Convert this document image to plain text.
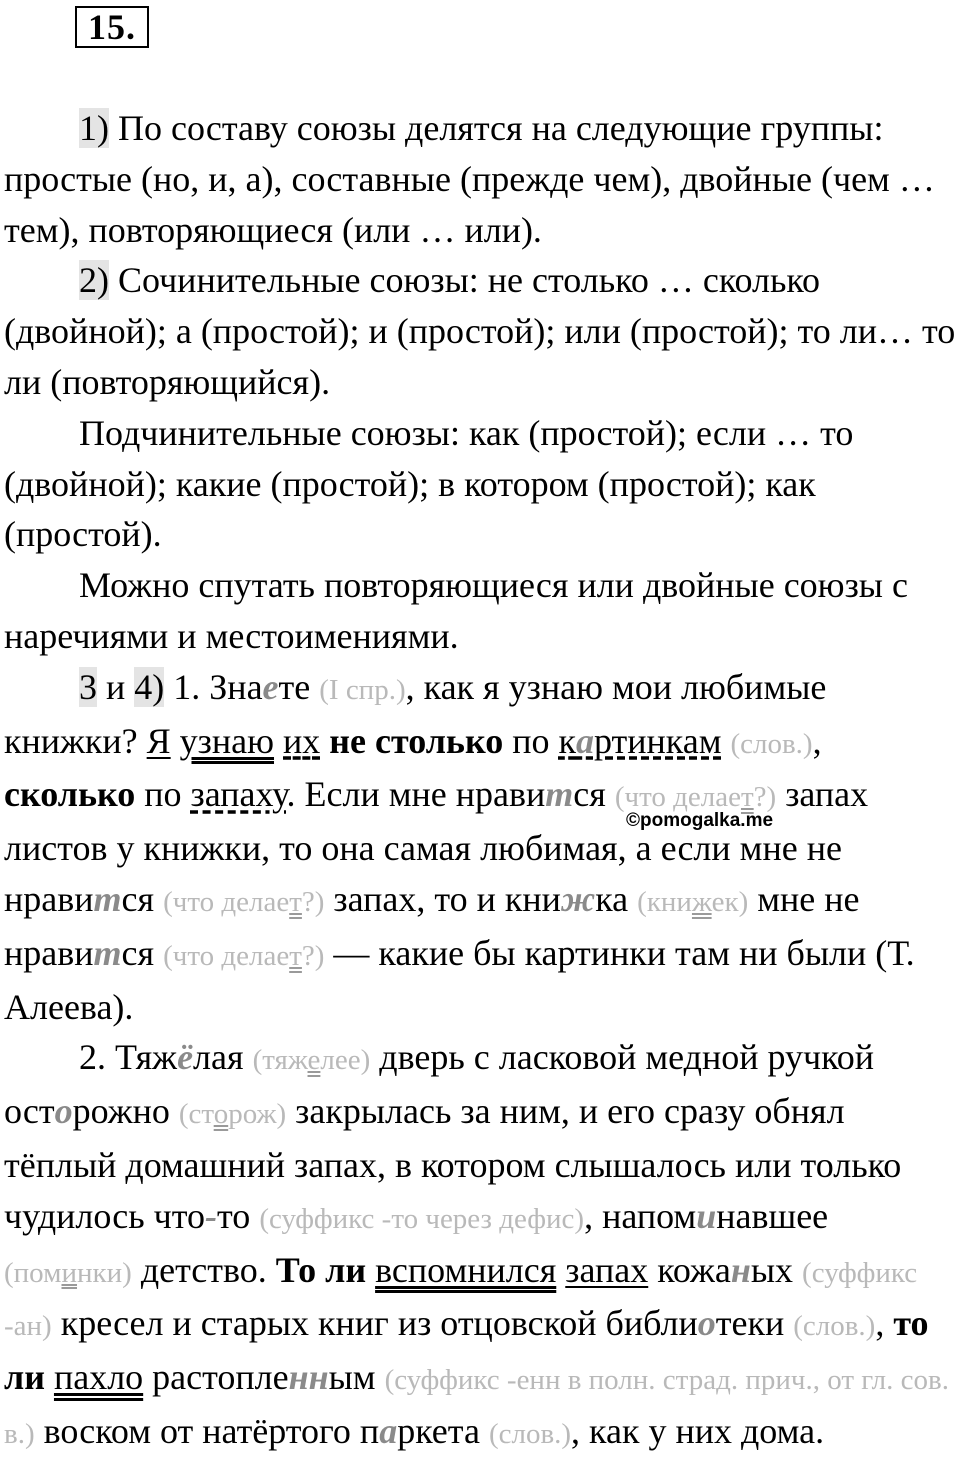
15.

1) По составу союзы делятся на следующие группы: простые (но, и, а), составные (прежде чем), двойные (чем … тем), повторяющиеся (или … или).

2) Сочинительные союзы: не столько … сколько (двойной); а (простой); и (простой); или (простой); то ли… то ли (повторяющийся).

Подчинительные союзы: как (простой); если … то (двойной); какие (простой); в котором (простой); как (простой).

Можно спутать повторяющиеся или двойные союзы с наречиями и местоимениями.

3 и 4) 1. Знаете (I спр.), как я узнаю мои любимые книжки? Я узнаю их не столько по картинкам (слов.), сколько по запаху. Если мне нравится (что делает?) запах листов у книжки, то она самая любимая, а если мне не нравится (что делает?) запах, то и книжка (книжек) мне не нравится (что делает?) — какие бы картинки там ни были (Т. Алеева).

2. Тяжёлая (тяжелее) дверь с ласковой медной ручкой осторожно (сторож) закрылась за ним, и его сразу обнял тёплый домашний запах, в котором слышалось или только чудилось что-то (суффикс -то через дефис), напоминавшее (поминки) детство. То ли вспомнился запах кожаных (суффикс -ан) кресел и старых книг из отцовской библиотеки (слов.), то ли пахло растопленным (суффикс -енн в полн. страд. прич., от гл. сов. в.) воском от натёртого паркета (слов.), как у них дома.

©pomogalka.me
